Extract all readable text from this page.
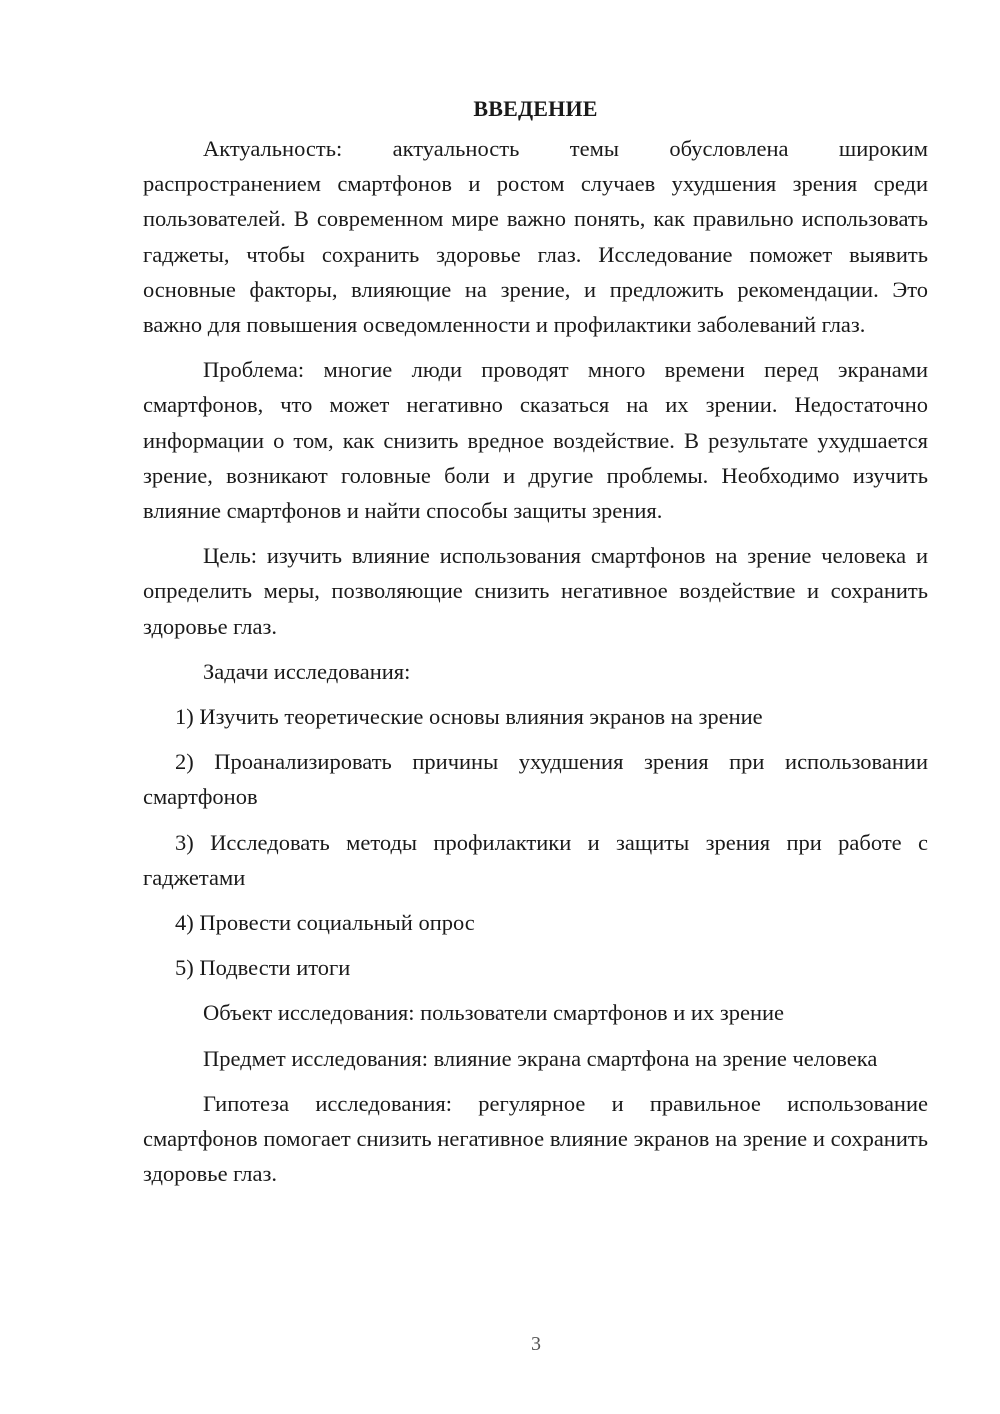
ВВЕДЕНИЕ

Актуальность: актуальность темы обусловлена широким распространением смартфонов и ростом случаев ухудшения зрения среди пользователей. В современном мире важно понять, как правильно использовать гаджеты, чтобы сохранить здоровье глаз. Исследование поможет выявить основные факторы, влияющие на зрение, и предложить рекомендации. Это важно для повышения осведомленности и профилактики заболеваний глаз.

Проблема: многие люди проводят много времени перед экранами смартфонов, что может негативно сказаться на их зрении. Недостаточно информации о том, как снизить вредное воздействие. В результате ухудшается зрение, возникают головные боли и другие проблемы. Необходимо изучить влияние смартфонов и найти способы защиты зрения.

Цель: изучить влияние использования смартфонов на зрение человека и определить меры, позволяющие снизить негативное воздействие и сохранить здоровье глаз.

Задачи исследования:

1) Изучить теоретические основы влияния экранов на зрение

2) Проанализировать причины ухудшения зрения при использовании смартфонов

3) Исследовать методы профилактики и защиты зрения при работе с гаджетами

4) Провести социальный опрос

5) Подвести итоги

Объект исследования: пользователи смартфонов и их зрение

Предмет исследования: влияние экрана смартфона на зрение человека

Гипотеза исследования: регулярное и правильное использование смартфонов помогает снизить негативное влияние экранов на зрение и сохранить здоровье глаз.

3
